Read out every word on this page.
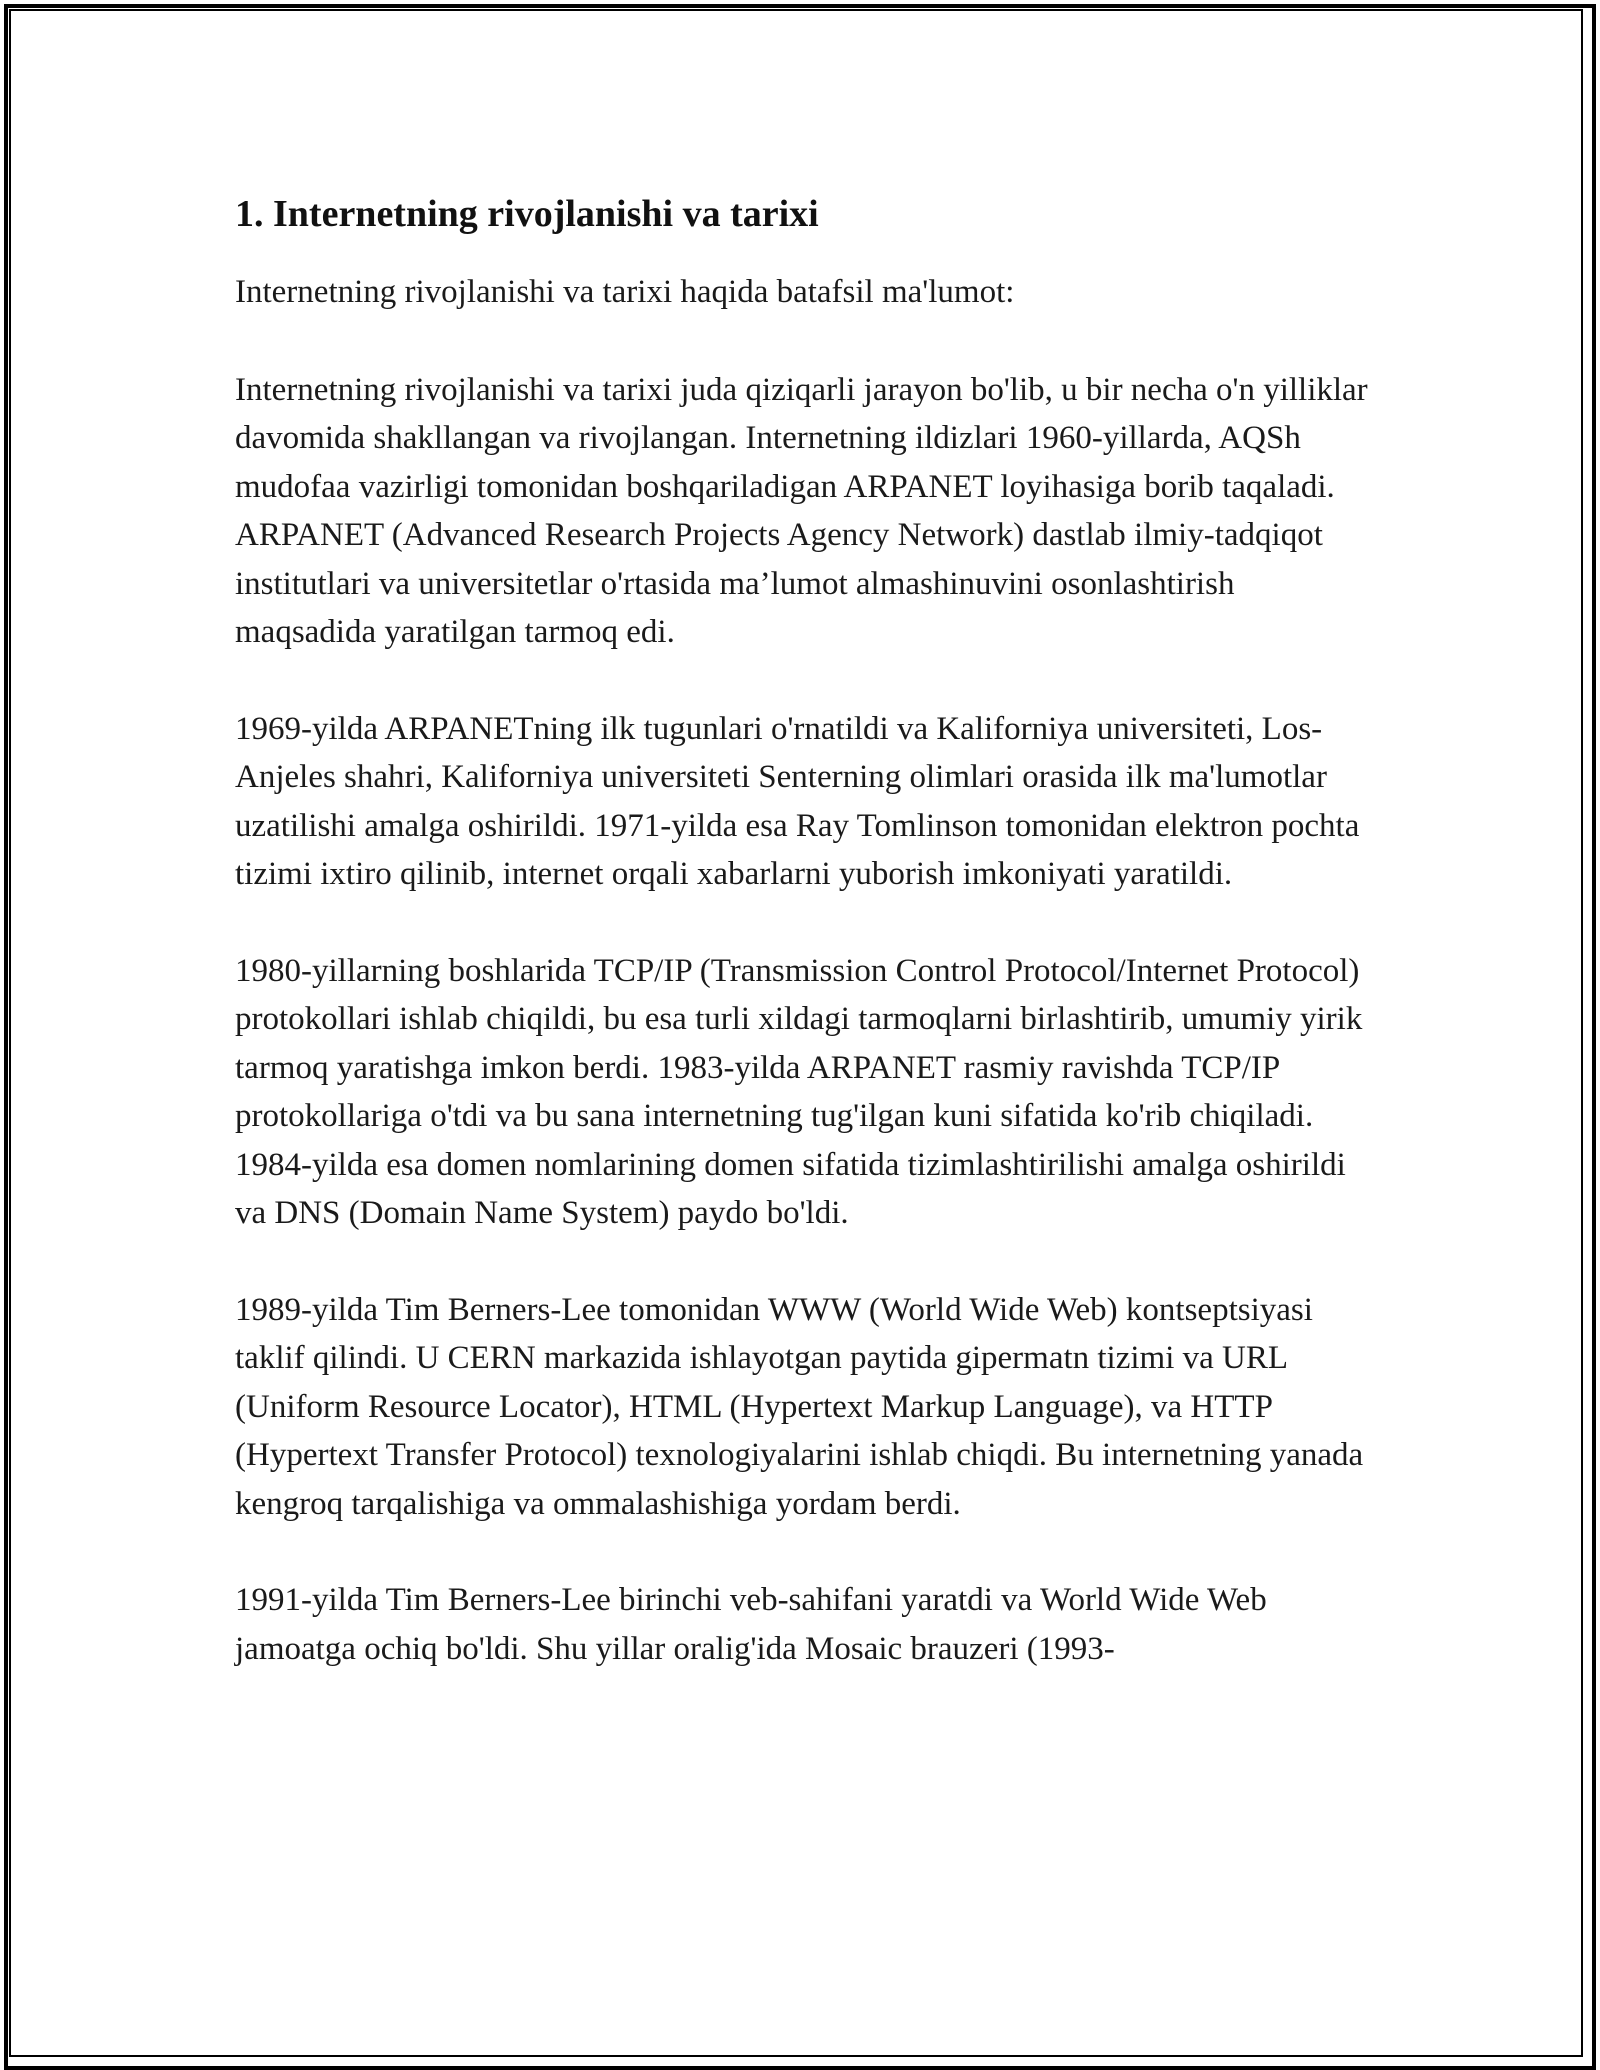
1. Internetning rivojlanishi va tarixi

Internetning rivojlanishi va tarixi haqida batafsil ma'lumot:

Internetning rivojlanishi va tarixi juda qiziqarli jarayon bo'lib, u bir necha o'n yilliklar davomida shakllangan va rivojlangan. Internetning ildizlari 1960-yillarda, AQSh mudofaa vazirligi tomonidan boshqariladigan ARPANET loyihasiga borib taqaladi. ARPANET (Advanced Research Projects Agency Network) dastlab ilmiy-tadqiqot institutlari va universitetlar o'rtasida ma’lumot almashinuvini osonlashtirish maqsadida yaratilgan tarmoq edi.

1969-yilda ARPANETning ilk tugunlari o'rnatildi va Kaliforniya universiteti, Los-Anjeles shahri, Kaliforniya universiteti Senterning olimlari orasida ilk ma'lumotlar uzatilishi amalga oshirildi. 1971-yilda esa Ray Tomlinson tomonidan elektron pochta tizimi ixtiro qilinib, internet orqali xabarlarni yuborish imkoniyati yaratildi.

1980-yillarning boshlarida TCP/IP (Transmission Control Protocol/Internet Protocol) protokollari ishlab chiqildi, bu esa turli xildagi tarmoqlarni birlashtirib, umumiy yirik tarmoq yaratishga imkon berdi. 1983-yilda ARPANET rasmiy ravishda TCP/IP protokollariga o'tdi va bu sana internetning tug'ilgan kuni sifatida ko'rib chiqiladi. 1984-yilda esa domen nomlarining domen sifatida tizimlashtirilishi amalga oshirildi va DNS (Domain Name System) paydo bo'ldi.

1989-yilda Tim Berners-Lee tomonidan WWW (World Wide Web) kontseptsiyasi taklif qilindi. U CERN markazida ishlayotgan paytida gipermatn tizimi va URL (Uniform Resource Locator), HTML (Hypertext Markup Language), va HTTP (Hypertext Transfer Protocol) texnologiyalarini ishlab chiqdi. Bu internetning yanada kengroq tarqalishiga va ommalashishiga yordam berdi.

1991-yilda Tim Berners-Lee birinchi veb-sahifani yaratdi va World Wide Web jamoatga ochiq bo'ldi. Shu yillar oralig'ida Mosaic brauzeri (1993-
